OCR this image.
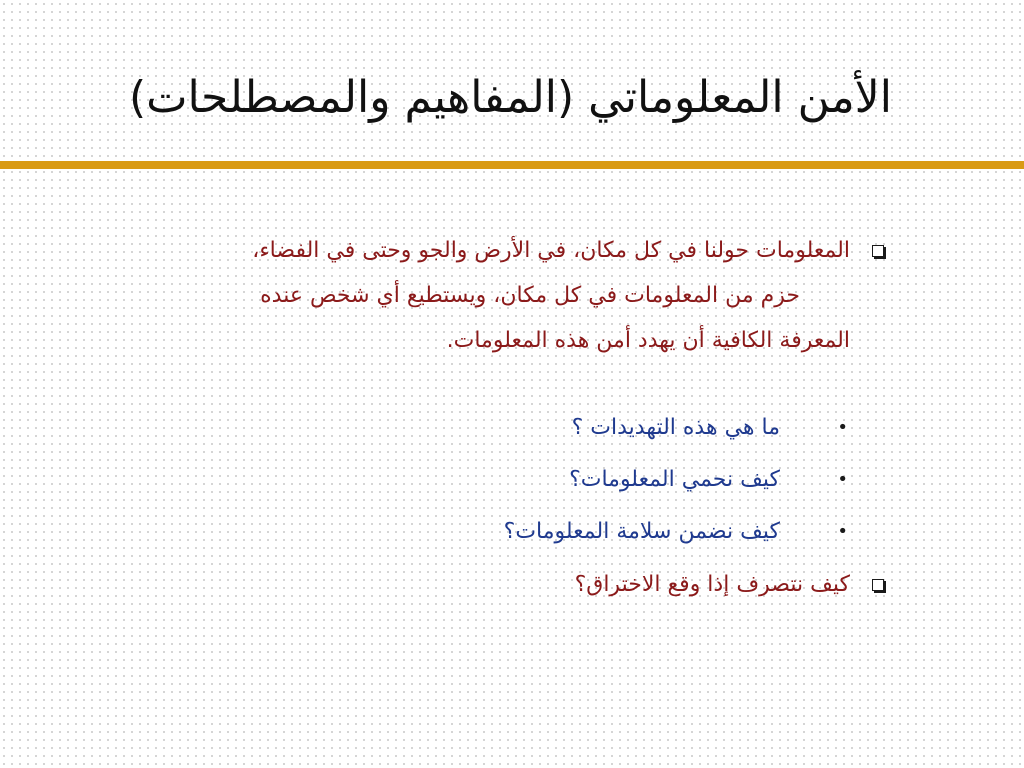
الأمن المعلوماتي (المفاهيم والمصطلحات)
المعلومات حولنا في كل مكان، في الأرض والجو وحتى في الفضاء،
حزم من المعلومات في كل مكان، ويستطيع أي شخص عنده
المعرفة الكافية أن يهدد أمن هذه المعلومات.
•
ما هي هذه التهديدات ؟
•
كيف نحمي المعلومات؟
•
كيف نضمن سلامة المعلومات؟
كيف نتصرف إذا وقع الاختراق؟
